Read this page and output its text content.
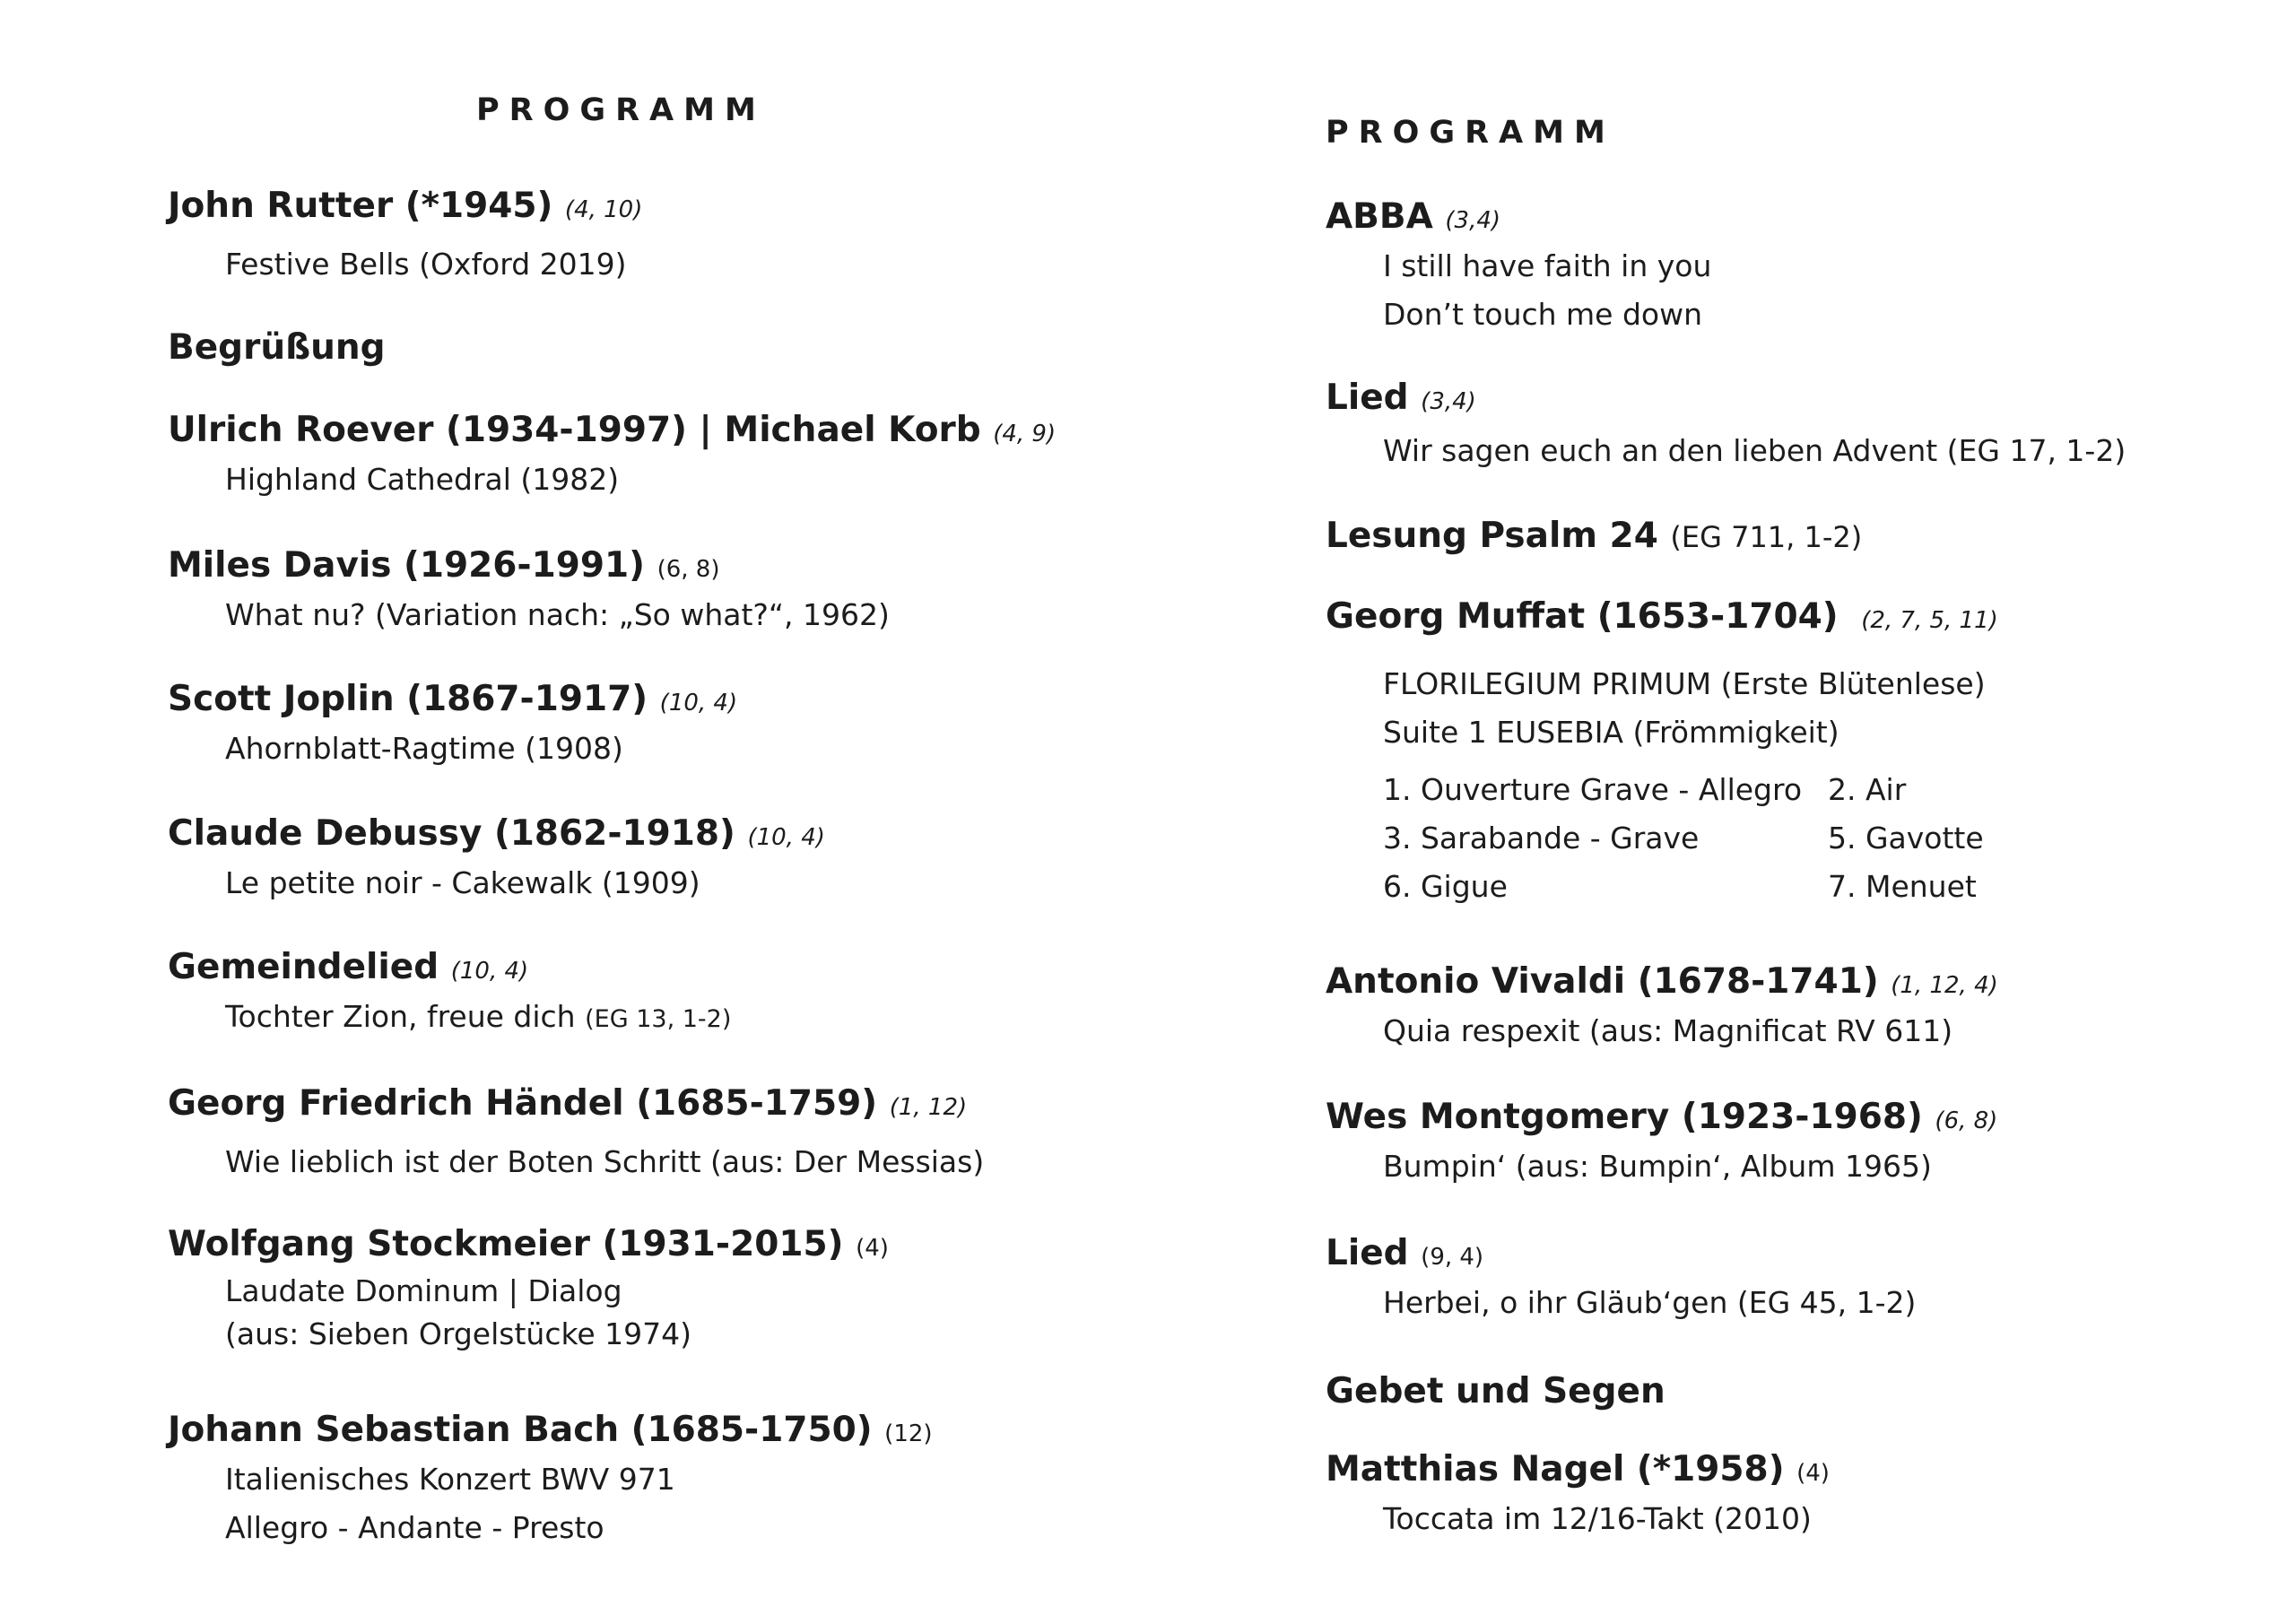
PROGRAMM
John Rutter (*1945) (4, 10)
Festive Bells (Oxford 2019)
Begrüßung
Ulrich Roever (1934-1997) | Michael Korb (4, 9)
Highland Cathedral (1982)
Miles Davis (1926-1991) (6, 8)
What nu? (Variation nach: „So what?“, 1962)
Scott Joplin (1867-1917) (10, 4)
Ahornblatt-Ragtime (1908)
Claude Debussy (1862-1918) (10, 4)
Le petite noir - Cakewalk (1909)
Gemeindelied (10, 4)
Tochter Zion, freue dich (EG 13, 1-2)
Georg Friedrich Händel (1685-1759) (1, 12)
Wie lieblich ist der Boten Schritt (aus: Der Messias)
Wolfgang Stockmeier (1931-2015) (4)
Laudate Dominum | Dialog
(aus: Sieben Orgelstücke 1974)
Johann Sebastian Bach (1685-1750) (12)
Italienisches Konzert BWV 971
Allegro - Andante - Presto
PROGRAMM
ABBA (3,4)
I still have faith in you
Don’t touch me down
Lied (3,4)
Wir sagen euch an den lieben Advent (EG 17, 1-2)
Lesung Psalm 24 (EG 711, 1-2)
Georg Muffat (1653-1704) (2, 7, 5, 11)
FLORILEGIUM PRIMUM (Erste Blütenlese)
Suite 1 EUSEBIA (Frömmigkeit)
1. Ouverture Grave - Allegro 2. Air
3. Sarabande - Grave	5. Gavotte
6. Gigue	7. Menuet
Antonio Vivaldi (1678-1741) (1, 12, 4)
Quia respexit (aus: Magnificat RV 611)
Wes Montgomery (1923-1968) (6, 8)
Bumpin‘ (aus: Bumpin‘, Album 1965)
Lied (9, 4)
Herbei, o ihr Gläub‘gen (EG 45, 1-2)
Gebet und Segen
Matthias Nagel (*1958) (4)
Toccata im 12/16-Takt (2010)
